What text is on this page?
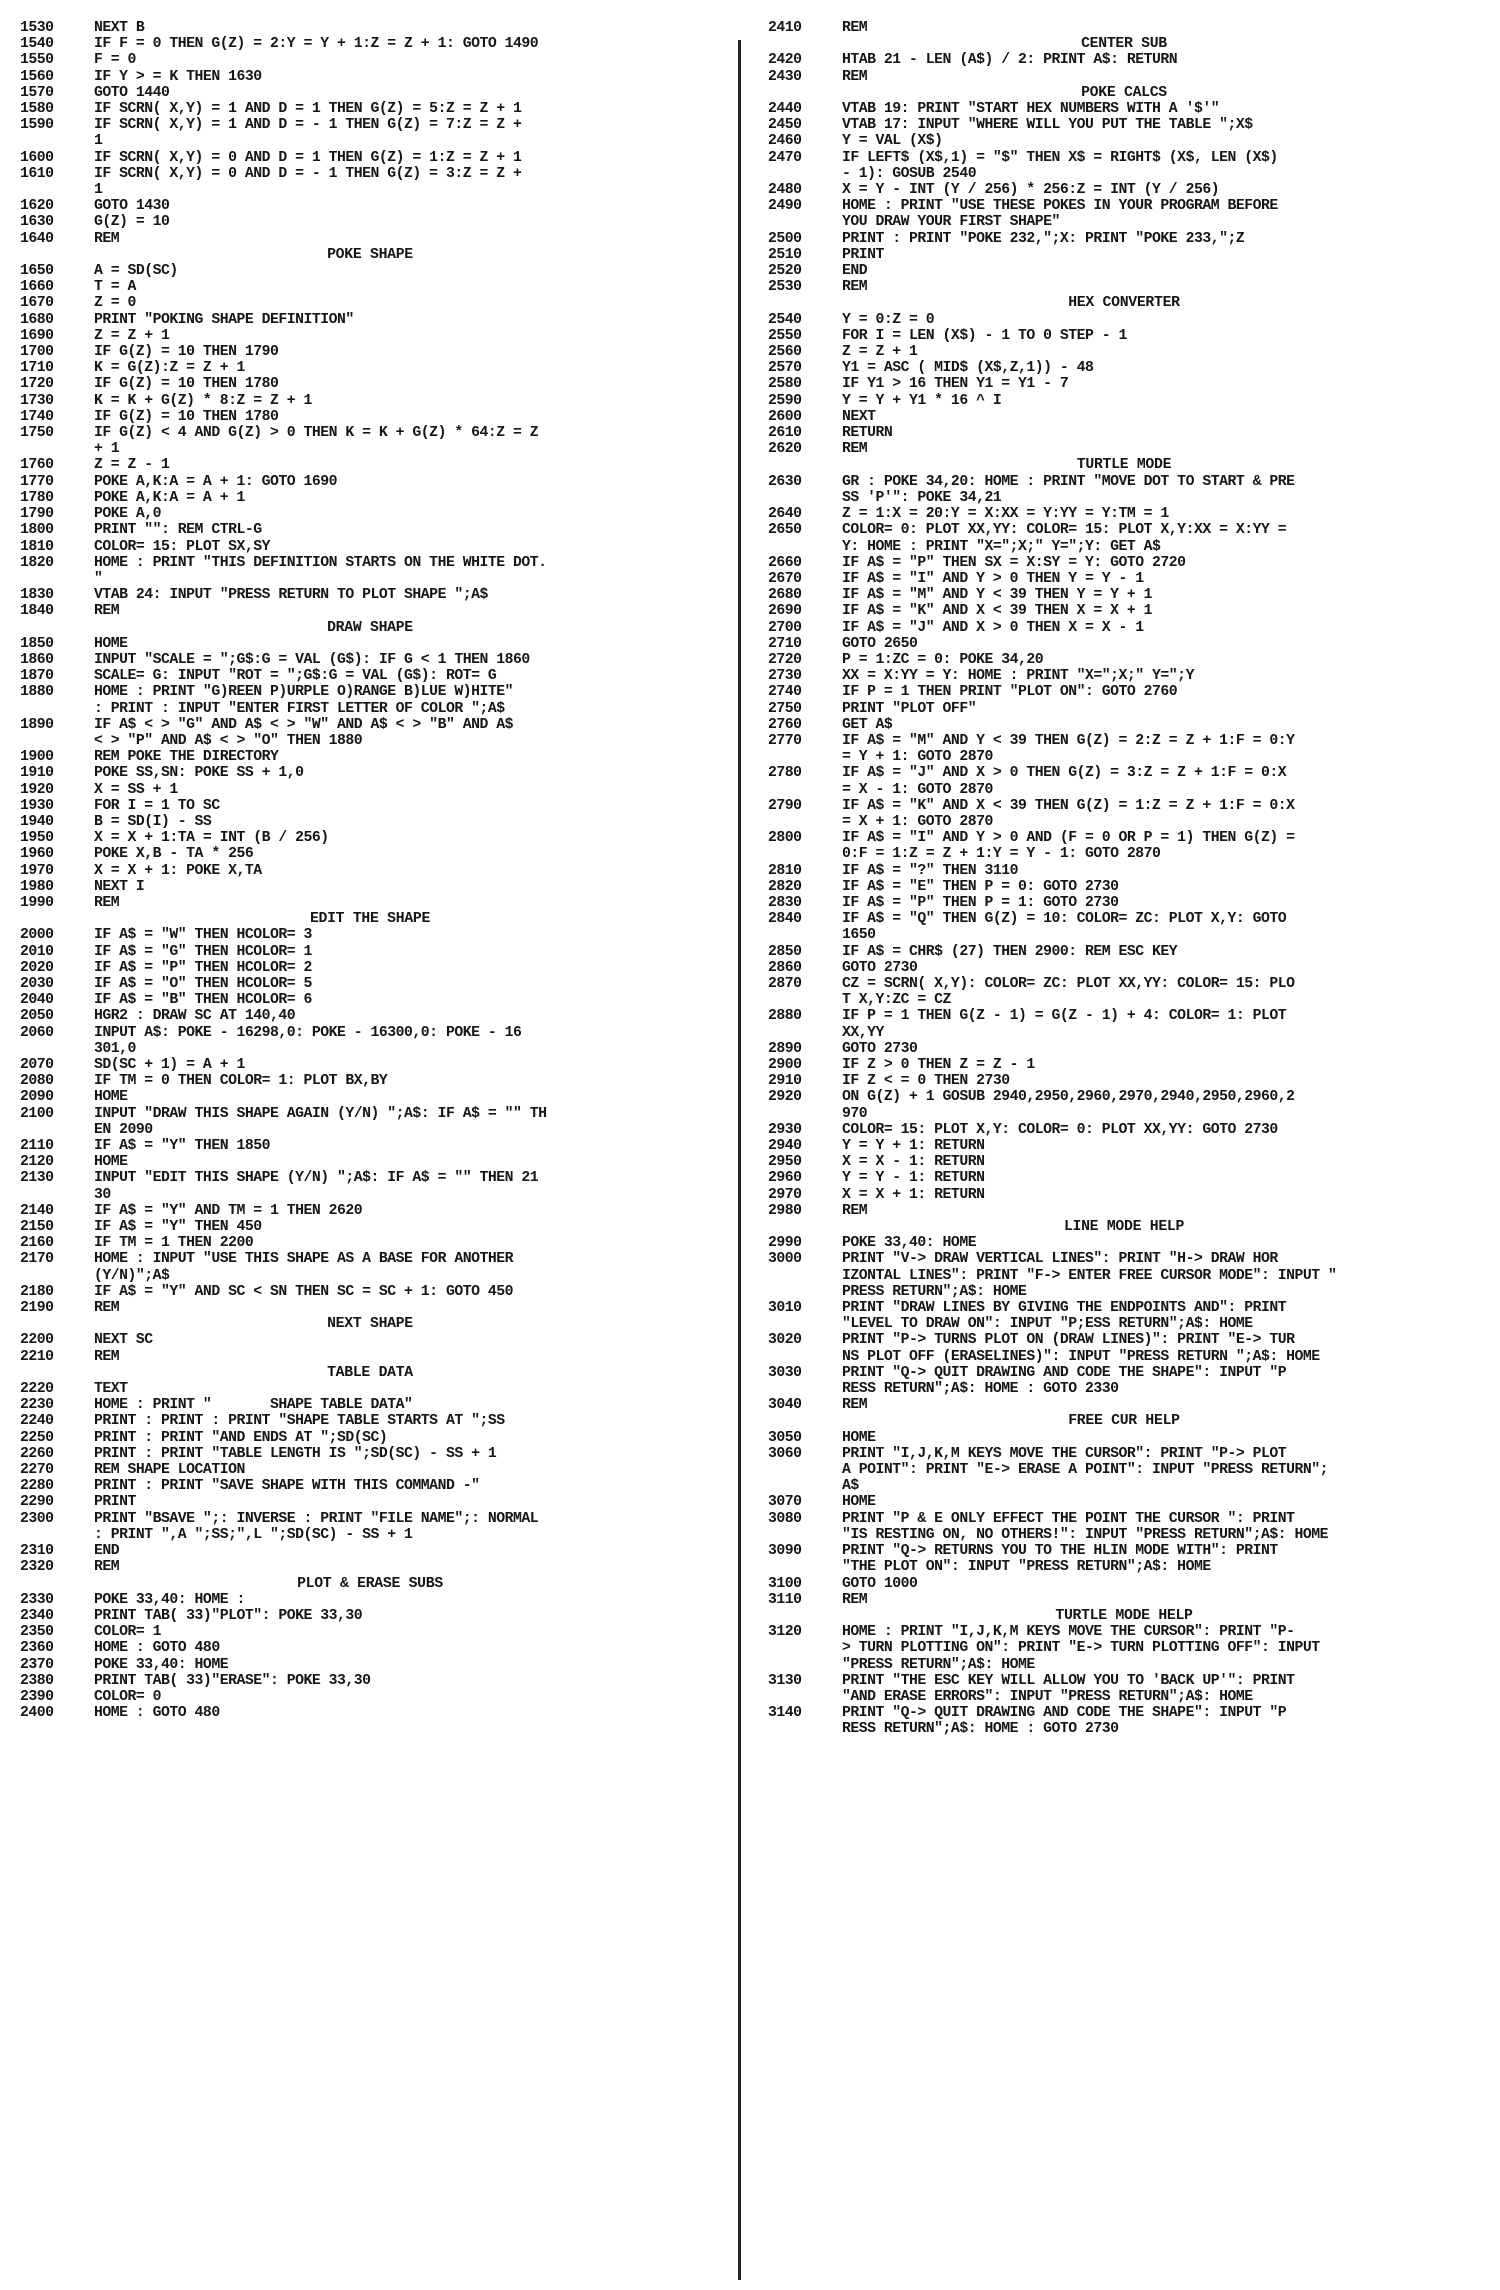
1530	NEXT B
1540	IF F = 0 THEN G(Z) = 2:Y = Y + 1:Z = Z + 1: GOTO 1490
1550	F = 0
1560	IF Y > = K THEN 1630
1570	GOTO 1440
1580	IF SCRN( X,Y) = 1 AND D = 1 THEN G(Z) = 5:Z = Z + 1
1590	IF SCRN( X,Y) = 1 AND D = - 1 THEN G(Z) = 7:Z = Z +
1
1600	IF SCRN( X,Y) = 0 AND D = 1 THEN G(Z) = 1:Z = Z + 1
1610	IF SCRN( X,Y) = 0 AND D = - 1 THEN G(Z) = 3:Z = Z +
1
1620	GOTO 1430
1630	G(Z) = 10
1640	REM
POKE SHAPE
1650	A = SD(SC)
1660	T = A
1670	Z = 0
1680	PRINT "POKING SHAPE DEFINITION"
1690	Z = Z + 1
1700	IF G(Z) = 10 THEN 1790
1710	K = G(Z):Z = Z + 1
1720	IF G(Z) = 10 THEN 1780
1730	K = K + G(Z) * 8:Z = Z + 1
1740	IF G(Z) = 10 THEN 1780
1750	IF G(Z) < 4 AND G(Z) > 0 THEN K = K + G(Z) * 64:Z = Z
+ 1
1760	Z = Z - 1
1770	POKE A,K:A = A + 1: GOTO 1690
1780	POKE A,K:A = A + 1
1790	POKE A,0
1800	PRINT "": REM CTRL-G
1810	COLOR= 15: PLOT SX,SY
1820	HOME : PRINT "THIS DEFINITION STARTS ON THE WHITE DOT.
"
1830	VTAB 24: INPUT "PRESS RETURN TO PLOT SHAPE ";A$
1840	REM
DRAW SHAPE
1850	HOME
1860	INPUT "SCALE = ";G$:G = VAL (G$): IF G < 1 THEN 1860
1870	SCALE= G: INPUT "ROT = ";G$:G = VAL (G$): ROT= G
1880	HOME : PRINT "G)REEN P)URPLE O)RANGE B)LUE W)HITE"
: PRINT : INPUT "ENTER FIRST LETTER OF COLOR ";A$
1890	IF A$ < > "G" AND A$ < > "W" AND A$ < > "B" AND A$
< > "P" AND A$ < > "O" THEN 1880
1900	REM POKE THE DIRECTORY
1910	POKE SS,SN: POKE SS + 1,0
1920	X = SS + 1
1930	FOR I = 1 TO SC
1940	B = SD(I) - SS
1950	X = X + 1:TA = INT (B / 256)
1960	POKE X,B - TA * 256
1970	X = X + 1: POKE X,TA
1980	NEXT I
1990	REM
EDIT THE SHAPE
2000	IF A$ = "W" THEN HCOLOR= 3
2010	IF A$ = "G" THEN HCOLOR= 1
2020	IF A$ = "P" THEN HCOLOR= 2
2030	IF A$ = "O" THEN HCOLOR= 5
2040	IF A$ = "B" THEN HCOLOR= 6
2050	HGR2 : DRAW SC AT 140,40
2060	INPUT A$: POKE - 16298,0: POKE - 16300,0: POKE - 16
301,0
2070	SD(SC + 1) = A + 1
2080	IF TM = 0 THEN COLOR= 1: PLOT BX,BY
2090	HOME
2100	INPUT "DRAW THIS SHAPE AGAIN (Y/N) ";A$: IF A$ = "" TH
EN 2090
2110	IF A$ = "Y" THEN 1850
2120	HOME
2130	INPUT "EDIT THIS SHAPE (Y/N) ";A$: IF A$ = "" THEN 21
30
2140	IF A$ = "Y" AND TM = 1 THEN 2620
2150	IF A$ = "Y" THEN 450
2160	IF TM = 1 THEN 2200
2170	HOME : INPUT "USE THIS SHAPE AS A BASE FOR ANOTHER
(Y/N)";A$
2180	IF A$ = "Y" AND SC < SN THEN SC = SC + 1: GOTO 450
2190	REM
NEXT SHAPE
2200	NEXT SC
2210	REM
TABLE DATA
2220	TEXT
2230	HOME : PRINT "       SHAPE TABLE DATA"
2240	PRINT : PRINT : PRINT "SHAPE TABLE STARTS AT ";SS
2250	PRINT : PRINT "AND ENDS AT ";SD(SC)
2260	PRINT : PRINT "TABLE LENGTH IS ";SD(SC) - SS + 1
2270	REM SHAPE LOCATION
2280	PRINT : PRINT "SAVE SHAPE WITH THIS COMMAND -"
2290	PRINT
2300	PRINT "BSAVE ";: INVERSE : PRINT "FILE NAME";: NORMAL
: PRINT ",A ";SS;",L ";SD(SC) - SS + 1
2310	END
2320	REM
PLOT & ERASE SUBS
2330	POKE 33,40: HOME :
2340	PRINT TAB( 33)"PLOT": POKE 33,30
2350	COLOR= 1
2360	HOME : GOTO 480
2370	POKE 33,40: HOME
2380	PRINT TAB( 33)"ERASE": POKE 33,30
2390	COLOR= 0
2400	HOME : GOTO 480
2410	REM
CENTER SUB
2420	HTAB 21 - LEN (A$) / 2: PRINT A$: RETURN
2430	REM
POKE CALCS
2440	VTAB 19: PRINT "START HEX NUMBERS WITH A '$'"
2450	VTAB 17: INPUT "WHERE WILL YOU PUT THE TABLE ";X$
2460	Y = VAL (X$)
2470	IF LEFT$ (X$,1) = "$" THEN X$ = RIGHT$ (X$, LEN (X$)
- 1): GOSUB 2540
2480	X = Y - INT (Y / 256) * 256:Z = INT (Y / 256)
2490	HOME : PRINT "USE THESE POKES IN YOUR PROGRAM BEFORE
YOU DRAW YOUR FIRST SHAPE"
2500	PRINT : PRINT "POKE 232,";X: PRINT "POKE 233,";Z
2510	PRINT
2520	END
2530	REM
HEX CONVERTER
2540	Y = 0:Z = 0
2550	FOR I = LEN (X$) - 1 TO 0 STEP - 1
2560	Z = Z + 1
2570	Y1 = ASC ( MID$ (X$,Z,1)) - 48
2580	IF Y1 > 16 THEN Y1 = Y1 - 7
2590	Y = Y + Y1 * 16 ^ I
2600	NEXT
2610	RETURN
2620	REM
TURTLE MODE
2630	GR : POKE 34,20: HOME : PRINT "MOVE DOT TO START & PRE
SS 'P'": POKE 34,21
2640	Z = 1:X = 20:Y = X:XX = Y:YY = Y:TM = 1
2650	COLOR= 0: PLOT XX,YY: COLOR= 15: PLOT X,Y:XX = X:YY =
Y: HOME : PRINT "X=";X;" Y=";Y: GET A$
2660	IF A$ = "P" THEN SX = X:SY = Y: GOTO 2720
2670	IF A$ = "I" AND Y > 0 THEN Y = Y - 1
2680	IF A$ = "M" AND Y < 39 THEN Y = Y + 1
2690	IF A$ = "K" AND X < 39 THEN X = X + 1
2700	IF A$ = "J" AND X > 0 THEN X = X - 1
2710	GOTO 2650
2720	P = 1:ZC = 0: POKE 34,20
2730	XX = X:YY = Y: HOME : PRINT "X=";X;" Y=";Y
2740	IF P = 1 THEN PRINT "PLOT ON": GOTO 2760
2750	PRINT "PLOT OFF"
2760	GET A$
2770	IF A$ = "M" AND Y < 39 THEN G(Z) = 2:Z = Z + 1:F = 0:Y
= Y + 1: GOTO 2870
2780	IF A$ = "J" AND X > 0 THEN G(Z) = 3:Z = Z + 1:F = 0:X
= X - 1: GOTO 2870
2790	IF A$ = "K" AND X < 39 THEN G(Z) = 1:Z = Z + 1:F = 0:X
= X + 1: GOTO 2870
2800	IF A$ = "I" AND Y > 0 AND (F = 0 OR P = 1) THEN G(Z) =
0:F = 1:Z = Z + 1:Y = Y - 1: GOTO 2870
2810	IF A$ = "?" THEN 3110
2820	IF A$ = "E" THEN P = 0: GOTO 2730
2830	IF A$ = "P" THEN P = 1: GOTO 2730
2840	IF A$ = "Q" THEN G(Z) = 10: COLOR= ZC: PLOT X,Y: GOTO
1650
2850	IF A$ = CHR$ (27) THEN 2900: REM ESC KEY
2860	GOTO 2730
2870	CZ = SCRN( X,Y): COLOR= ZC: PLOT XX,YY: COLOR= 15: PLO
T X,Y:ZC = CZ
2880	IF P = 1 THEN G(Z - 1) = G(Z - 1) + 4: COLOR= 1: PLOT
XX,YY
2890	GOTO 2730
2900	IF Z > 0 THEN Z = Z - 1
2910	IF Z < = 0 THEN 2730
2920	ON G(Z) + 1 GOSUB 2940,2950,2960,2970,2940,2950,2960,2
970
2930	COLOR= 15: PLOT X,Y: COLOR= 0: PLOT XX,YY: GOTO 2730
2940	Y = Y + 1: RETURN
2950	X = X - 1: RETURN
2960	Y = Y - 1: RETURN
2970	X = X + 1: RETURN
2980	REM
LINE MODE HELP
2990	POKE 33,40: HOME
3000	PRINT "V-> DRAW VERTICAL LINES": PRINT "H-> DRAW HOR
IZONTAL LINES": PRINT "F-> ENTER FREE CURSOR MODE": INPUT "
PRESS RETURN";A$: HOME
3010	PRINT "DRAW LINES BY GIVING THE ENDPOINTS AND": PRINT
"LEVEL TO DRAW ON": INPUT "P;ESS RETURN";A$: HOME
3020	PRINT "P-> TURNS PLOT ON (DRAW LINES)": PRINT "E-> TUR
NS PLOT OFF (ERASELINES)": INPUT "PRESS RETURN ";A$: HOME
3030	PRINT "Q-> QUIT DRAWING AND CODE THE SHAPE": INPUT "P
RESS RETURN";A$: HOME : GOTO 2330
3040	REM
FREE CUR HELP
3050	HOME
3060	PRINT "I,J,K,M KEYS MOVE THE CURSOR": PRINT "P-> PLOT
A POINT": PRINT "E-> ERASE A POINT": INPUT "PRESS RETURN";
A$
3070	HOME
3080	PRINT "P & E ONLY EFFECT THE POINT THE CURSOR ": PRINT
"IS RESTING ON, NO OTHERS!": INPUT "PRESS RETURN";A$: HOME
3090	PRINT "Q-> RETURNS YOU TO THE HLIN MODE WITH": PRINT
"THE PLOT ON": INPUT "PRESS RETURN";A$: HOME
3100	GOTO 1000
3110	REM
TURTLE MODE HELP
3120	HOME : PRINT "I,J,K,M KEYS MOVE THE CURSOR": PRINT "P-
> TURN PLOTTING ON": PRINT "E-> TURN PLOTTING OFF": INPUT
"PRESS RETURN";A$: HOME
3130	PRINT "THE ESC KEY WILL ALLOW YOU TO 'BACK UP'": PRINT
"AND ERASE ERRORS": INPUT "PRESS RETURN";A$: HOME
3140	PRINT "Q-> QUIT DRAWING AND CODE THE SHAPE": INPUT "P
RESS RETURN";A$: HOME : GOTO 2730
